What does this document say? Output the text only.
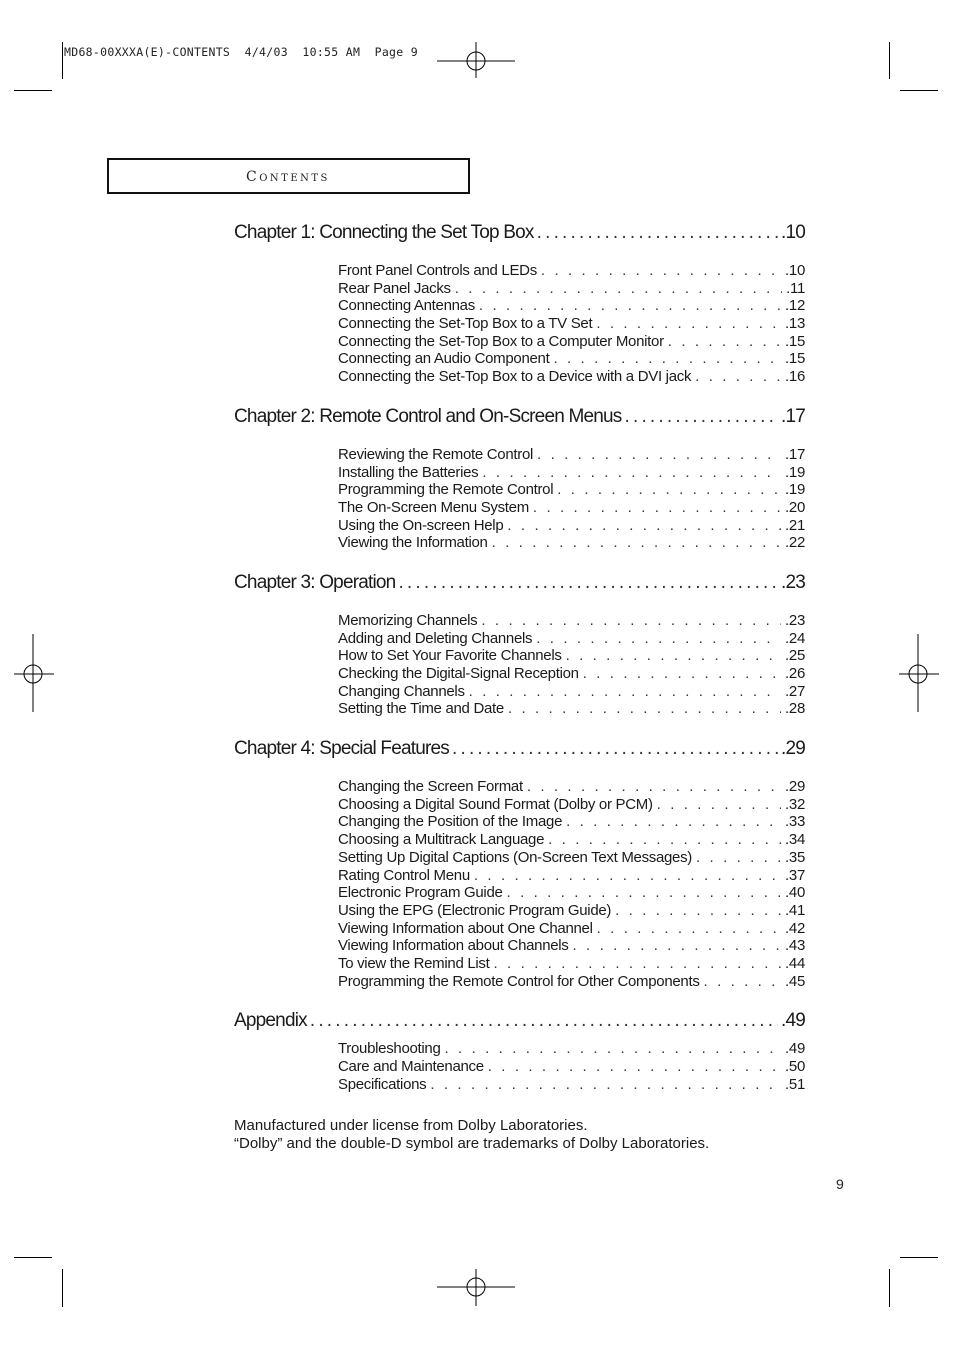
MD68-00XXXA(E)-CONTENTS  4/4/03  10:55 AM  Page 9
Contents
Chapter 1: Connecting the Set Top Box .....	.10
Front Panel Controls and LEDs . . .	.10
Rear Panel Jacks . . .	.11
Connecting Antennas . . .	.12
Connecting the Set-Top Box to a TV Set . . .	.13
Connecting the Set-Top Box to a Computer Monitor . . .	.15
Connecting an Audio Component . . .	.15
Connecting the Set-Top Box to a Device with a DVI jack . . .	.16
Chapter 2: Remote Control and On-Screen Menus .....	.17
Reviewing the Remote Control . . .	.17
Installing the Batteries . . .	.19
Programming the Remote Control . . .	.19
The On-Screen Menu System . . .	.20
Using the On-screen Help . . .	.21
Viewing the Information . . .	.22
Chapter 3: Operation .....	.23
Memorizing Channels . . .	.23
Adding and Deleting Channels . . .	.24
How to Set Your Favorite Channels . . .	.25
Checking the Digital-Signal Reception . . .	.26
Changing Channels . . .	.27
Setting the Time and Date . . .	.28
Chapter 4: Special Features .....	.29
Changing the Screen Format . . .	.29
Choosing a Digital Sound Format (Dolby or PCM) . . .	.32
Changing the Position of the Image . . .	.33
Choosing a Multitrack Language . . .	.34
Setting Up Digital Captions (On-Screen Text Messages) . . .	.35
Rating Control Menu . . .	.37
Electronic Program Guide . . .	.40
Using the EPG (Electronic Program Guide) . . .	.41
Viewing Information about One Channel . . .	.42
Viewing Information about Channels . . .	.43
To view the Remind List . . .	.44
Programming the Remote Control for Other Components . . .	.45
Appendix .....	.49
Troubleshooting . . .	.49
Care and Maintenance . . .	.50
Specifications . . .	.51
Manufactured under license from Dolby Laboratories.
“Dolby” and the double-D symbol are trademarks of Dolby Laboratories.
9
